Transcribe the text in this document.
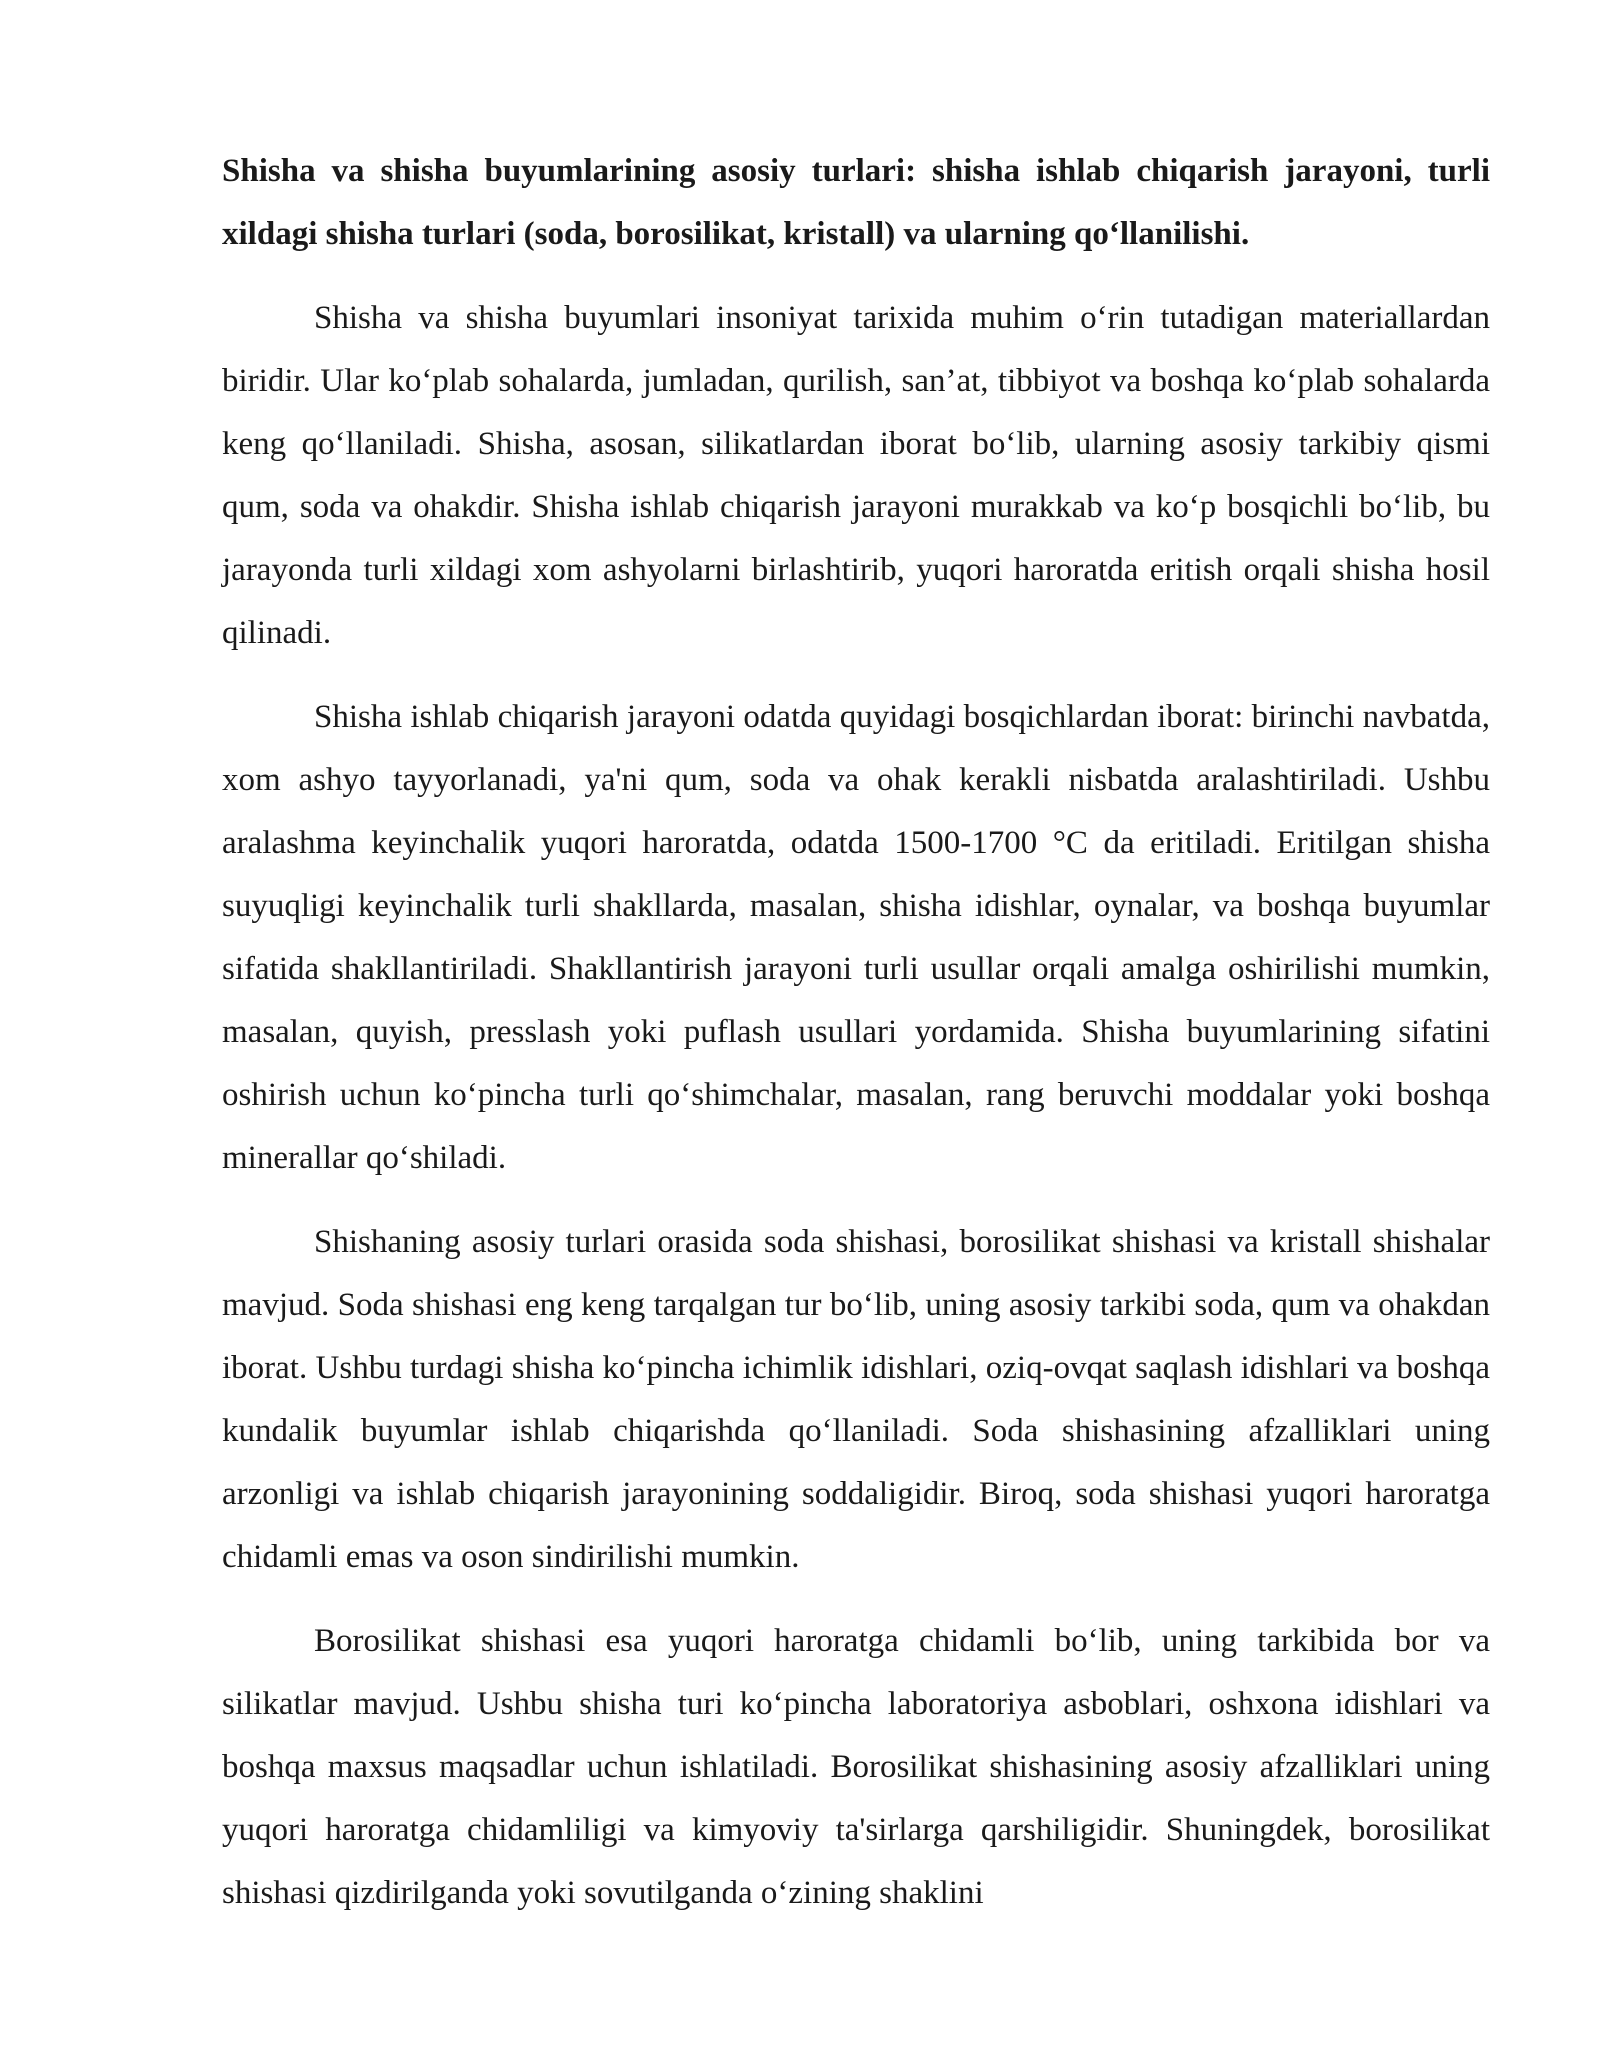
Shisha va shisha buyumlarining asosiy turlari: shisha ishlab chiqarish jarayoni, turli xildagi shisha turlari (soda, borosilikat, kristall) va ularning qo‘llanilishi.

Shisha va shisha buyumlari insoniyat tarixida muhim o‘rin tutadigan materiallardan biridir. Ular ko‘plab sohalarda, jumladan, qurilish, san’at, tibbiyot va boshqa ko‘plab sohalarda keng qo‘llaniladi. Shisha, asosan, silikatlardan iborat bo‘lib, ularning asosiy tarkibiy qismi qum, soda va ohakdir. Shisha ishlab chiqarish jarayoni murakkab va ko‘p bosqichli bo‘lib, bu jarayonda turli xildagi xom ashyolarni birlashtirib, yuqori haroratda eritish orqali shisha hosil qilinadi.

Shisha ishlab chiqarish jarayoni odatda quyidagi bosqichlardan iborat: birinchi navbatda, xom ashyo tayyorlanadi, ya'ni qum, soda va ohak kerakli nisbatda aralashtiriladi. Ushbu aralashma keyinchalik yuqori haroratda, odatda 1500-1700 °C da eritiladi. Eritilgan shisha suyuqligi keyinchalik turli shakllarda, masalan, shisha idishlar, oynalar, va boshqa buyumlar sifatida shakllantiriladi. Shakllantirish jarayoni turli usullar orqali amalga oshirilishi mumkin, masalan, quyish, presslash yoki puflash usullari yordamida. Shisha buyumlarining sifatini oshirish uchun ko‘pincha turli qo‘shimchalar, masalan, rang beruvchi moddalar yoki boshqa minerallar qo‘shiladi.

Shishaning asosiy turlari orasida soda shishasi, borosilikat shishasi va kristall shishalar mavjud. Soda shishasi eng keng tarqalgan tur bo‘lib, uning asosiy tarkibi soda, qum va ohakdan iborat. Ushbu turdagi shisha ko‘pincha ichimlik idishlari, oziq-ovqat saqlash idishlari va boshqa kundalik buyumlar ishlab chiqarishda qo‘llaniladi. Soda shishasining afzalliklari uning arzonligi va ishlab chiqarish jarayonining soddaligidir. Biroq, soda shishasi yuqori haroratga chidamli emas va oson sindirilishi mumkin.

Borosilikat shishasi esa yuqori haroratga chidamli bo‘lib, uning tarkibida bor va silikatlar mavjud. Ushbu shisha turi ko‘pincha laboratoriya asboblari, oshxona idishlari va boshqa maxsus maqsadlar uchun ishlatiladi. Borosilikat shishasining asosiy afzalliklari uning yuqori haroratga chidamliligi va kimyoviy ta'sirlarga qarshiligidir. Shuningdek, borosilikat shishasi qizdirilganda yoki sovutilganda o‘zining shaklini
